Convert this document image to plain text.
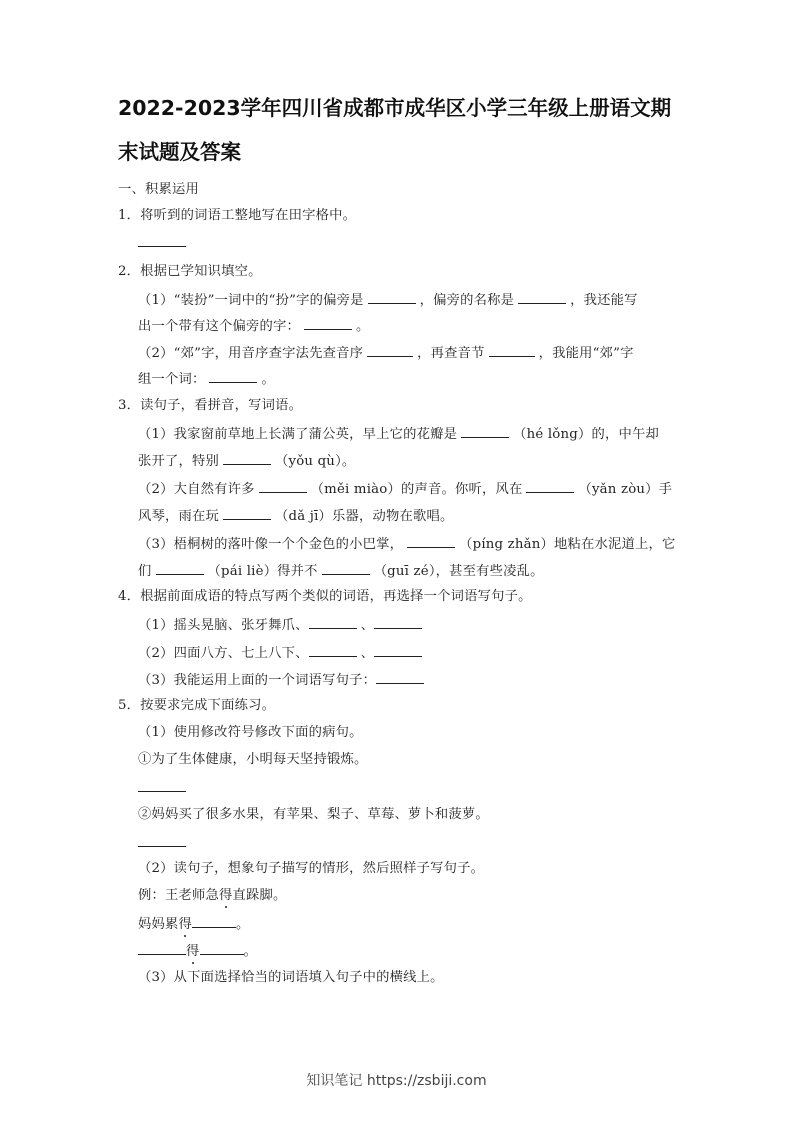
2022-2023学年四川省成都市成华区小学三年级上册语文期
末试题及答案
一、积累运用
1．将听到的词语工整地写在田字格中。
2．根据已学知识填空。
（1）“装扮”一词中的“扮”字的偏旁是	，偏旁的名称是	，我还能写
出一个带有这个偏旁的字：	。
（2）“郊”字，用音序查字法先查音序	，再查音节	，我能用“郊”字
组一个词：	。
3．读句子，看拼音，写词语。
（1）我家窗前草地上长满了蒲公英，早上它的花瓣是	（hé lǒng）的，中午却
张开了，特别	（yǒu qù）。
（2）大自然有许多	（měi miào）的声音。你听，风在	（yǎn zòu）手
风琴，雨在玩	（dǎ jī）乐器，动物在歌唱。
（3）梧桐树的落叶像一个个金色的小巴掌，	（píng zhǎn）地粘在水泥道上，它
们	（pái liè）得并不	（guī zé），甚至有些凌乱。
4．根据前面成语的特点写两个类似的词语，再选择一个词语写句子。
（1）摇头晃脑、张牙舞爪、	、
（2）四面八方、七上八下、	、
（3）我能运用上面的一个词语写句子：
5．按要求完成下面练习。
（1）使用修改符号修改下面的病句。
①为了生体健康，小明每天坚持锻炼。
②妈妈买了很多水果，有苹果、梨子、草莓、萝卜和菠萝。
（2）读句子，想象句子描写的情形，然后照样子写句子。
例：王老师急得直跺脚。
妈妈累得	。
得	。
（3）从下面选择恰当的词语填入句子中的横线上。
知识笔记 https://zsbiji.com
